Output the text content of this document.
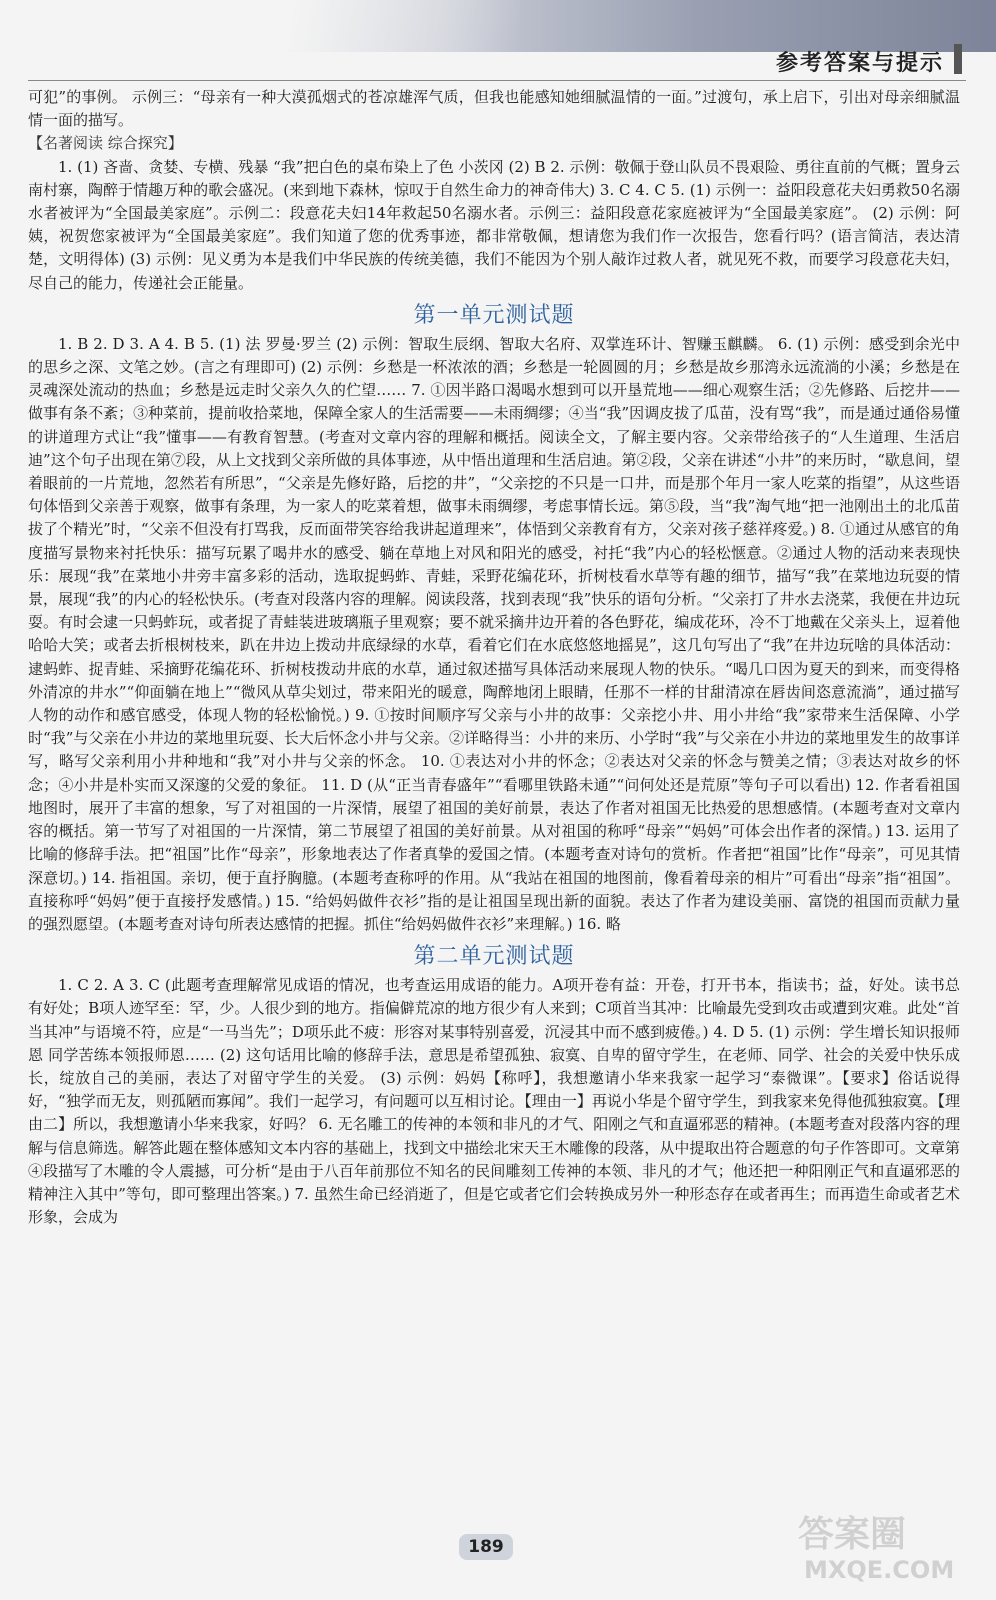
参考答案与提示

可犯”的事例。 示例三：“母亲有一种大漠孤烟式的苍凉雄浑气质，但我也能感知她细腻温情的一面。”过渡句，承上启下，引出对母亲细腻温情一面的描写。

【名著阅读 综合探究】

1. (1) 吝啬、贪婪、专横、残暴 “我”把白色的桌布染上了色 小茨冈 (2) B 2. 示例：敬佩于登山队员不畏艰险、勇往直前的气概；置身云南村寨，陶醉于情趣万种的歌会盛况。(来到地下森林，惊叹于自然生命力的神奇伟大) 3. C 4. C 5. (1) 示例一：益阳段意花夫妇勇救50名溺水者被评为“全国最美家庭”。示例二：段意花夫妇14年救起50名溺水者。示例三：益阳段意花家庭被评为“全国最美家庭”。 (2) 示例：阿姨，祝贺您家被评为“全国最美家庭”。我们知道了您的优秀事迹，都非常敬佩，想请您为我们作一次报告，您看行吗？(语言简洁，表达清楚，文明得体) (3) 示例：见义勇为本是我们中华民族的传统美德，我们不能因为个别人敲诈过救人者，就见死不救，而要学习段意花夫妇，尽自己的能力，传递社会正能量。

第一单元测试题

1. B 2. D 3. A 4. B 5. (1) 法 罗曼·罗兰 (2) 示例：智取生辰纲、智取大名府、双掌连环计、智赚玉麒麟。 6. (1) 示例：感受到余光中的思乡之深、文笔之妙。(言之有理即可) (2) 示例：乡愁是一杯浓浓的酒；乡愁是一轮圆圆的月；乡愁是故乡那湾永远流淌的小溪；乡愁是在灵魂深处流动的热血；乡愁是远走时父亲久久的伫望…… 7. ①因半路口渴喝水想到可以开垦荒地——细心观察生活；②先修路、后挖井——做事有条不紊；③种菜前，提前收拾菜地，保障全家人的生活需要——未雨绸缪；④当“我”因调皮拔了瓜苗，没有骂“我”，而是通过通俗易懂的讲道理方式让“我”懂事——有教育智慧。(考查对文章内容的理解和概括。阅读全文，了解主要内容。父亲带给孩子的“人生道理、生活启迪”这个句子出现在第⑦段，从上文找到父亲所做的具体事迹，从中悟出道理和生活启迪。第②段，父亲在讲述“小井”的来历时，“歇息间，望着眼前的一片荒地，忽然若有所思”，“父亲是先修好路，后挖的井”，“父亲挖的不只是一口井，而是那个年月一家人吃菜的指望”，从这些语句体悟到父亲善于观察，做事有条理，为一家人的吃菜着想，做事未雨绸缪，考虑事情长远。第⑤段，当“我”淘气地“把一池刚出土的北瓜苗拔了个精光”时，“父亲不但没有打骂我，反而面带笑容给我讲起道理来”，体悟到父亲教育有方，父亲对孩子慈祥疼爱。) 8. ①通过从感官的角度描写景物来衬托快乐：描写玩累了喝井水的感受、躺在草地上对风和阳光的感受，衬托“我”内心的轻松惬意。②通过人物的活动来表现快乐：展现“我”在菜地小井旁丰富多彩的活动，选取捉蚂蚱、青蛙，采野花编花环，折树枝看水草等有趣的细节，描写“我”在菜地边玩耍的情景，展现“我”的内心的轻松快乐。(考查对段落内容的理解。阅读段落，找到表现“我”快乐的语句分析。“父亲打了井水去浇菜，我便在井边玩耍。有时会逮一只蚂蚱玩，或者捉了青蛙装进玻璃瓶子里观察；要不就采摘井边开着的各色野花，编成花环，冷不丁地戴在父亲头上，逗着他哈哈大笑；或者去折根树枝来，趴在井边上拨动井底绿绿的水草，看着它们在水底悠悠地摇晃”，这几句写出了“我”在井边玩啥的具体活动：逮蚂蚱、捉青蛙、采摘野花编花环、折树枝拨动井底的水草，通过叙述描写具体活动来展现人物的快乐。“喝几口因为夏天的到来，而变得格外清凉的井水”“仰面躺在地上”“微风从草尖划过，带来阳光的暖意，陶醉地闭上眼睛，任那不一样的甘甜清凉在唇齿间恣意流淌”，通过描写人物的动作和感官感受，体现人物的轻松愉悦。) 9. ①按时间顺序写父亲与小井的故事：父亲挖小井、用小井给“我”家带来生活保障、小学时“我”与父亲在小井边的菜地里玩耍、长大后怀念小井与父亲。②详略得当：小井的来历、小学时“我”与父亲在小井边的菜地里发生的故事详写，略写父亲利用小井种地和“我”对小井与父亲的怀念。 10. ①表达对小井的怀念；②表达对父亲的怀念与赞美之情；③表达对故乡的怀念；④小井是朴实而又深邃的父爱的象征。 11. D (从“正当青春盛年”“看哪里铁路未通”“问何处还是荒原”等句子可以看出) 12. 作者看祖国地图时，展开了丰富的想象，写了对祖国的一片深情，展望了祖国的美好前景，表达了作者对祖国无比热爱的思想感情。(本题考查对文章内容的概括。第一节写了对祖国的一片深情，第二节展望了祖国的美好前景。从对祖国的称呼“母亲”“妈妈”可体会出作者的深情。) 13. 运用了比喻的修辞手法。把“祖国”比作“母亲”，形象地表达了作者真挚的爱国之情。(本题考查对诗句的赏析。作者把“祖国”比作“母亲”，可见其情深意切。) 14. 指祖国。亲切，便于直抒胸臆。(本题考查称呼的作用。从“我站在祖国的地图前，像看着母亲的相片”可看出“母亲”指“祖国”。直接称呼“妈妈”便于直接抒发感情。) 15. “给妈妈做件衣衫”指的是让祖国呈现出新的面貌。表达了作者为建设美丽、富饶的祖国而贡献力量的强烈愿望。(本题考查对诗句所表达感情的把握。抓住“给妈妈做件衣衫”来理解。) 16. 略

第二单元测试题

1. C 2. A 3. C (此题考查理解常见成语的情况，也考查运用成语的能力。A项开卷有益：开卷，打开书本，指读书；益，好处。读书总有好处；B项人迹罕至：罕，少。人很少到的地方。指偏僻荒凉的地方很少有人来到；C项首当其冲：比喻最先受到攻击或遭到灾难。此处“首当其冲”与语境不符，应是“一马当先”；D项乐此不疲：形容对某事特别喜爱，沉浸其中而不感到疲倦。) 4. D 5. (1) 示例：学生增长知识报师恩 同学苦练本领报师恩…… (2) 这句话用比喻的修辞手法，意思是希望孤独、寂寞、自卑的留守学生，在老师、同学、社会的关爱中快乐成长，绽放自己的美丽，表达了对留守学生的关爱。 (3) 示例：妈妈【称呼】，我想邀请小华来我家一起学习“泰微课”。【要求】俗话说得好，“独学而无友，则孤陋而寡闻”。我们一起学习，有问题可以互相讨论。【理由一】再说小华是个留守学生，到我家来免得他孤独寂寞。【理由二】所以，我想邀请小华来我家，好吗？ 6. 无名雕工的传神的本领和非凡的才气、阳刚之气和直逼邪恶的精神。(本题考查对段落内容的理解与信息筛选。解答此题在整体感知文本内容的基础上，找到文中描绘北宋天王木雕像的段落，从中提取出符合题意的句子作答即可。文章第④段描写了木雕的令人震撼，可分析“是由于八百年前那位不知名的民间雕刻工传神的本领、非凡的才气；他还把一种阳刚正气和直逼邪恶的精神注入其中”等句，即可整理出答案。) 7. 虽然生命已经消逝了，但是它或者它们会转换成另外一种形态存在或者再生；而再造生命或者艺术形象，会成为

189	答案圈
MXQE.COM
